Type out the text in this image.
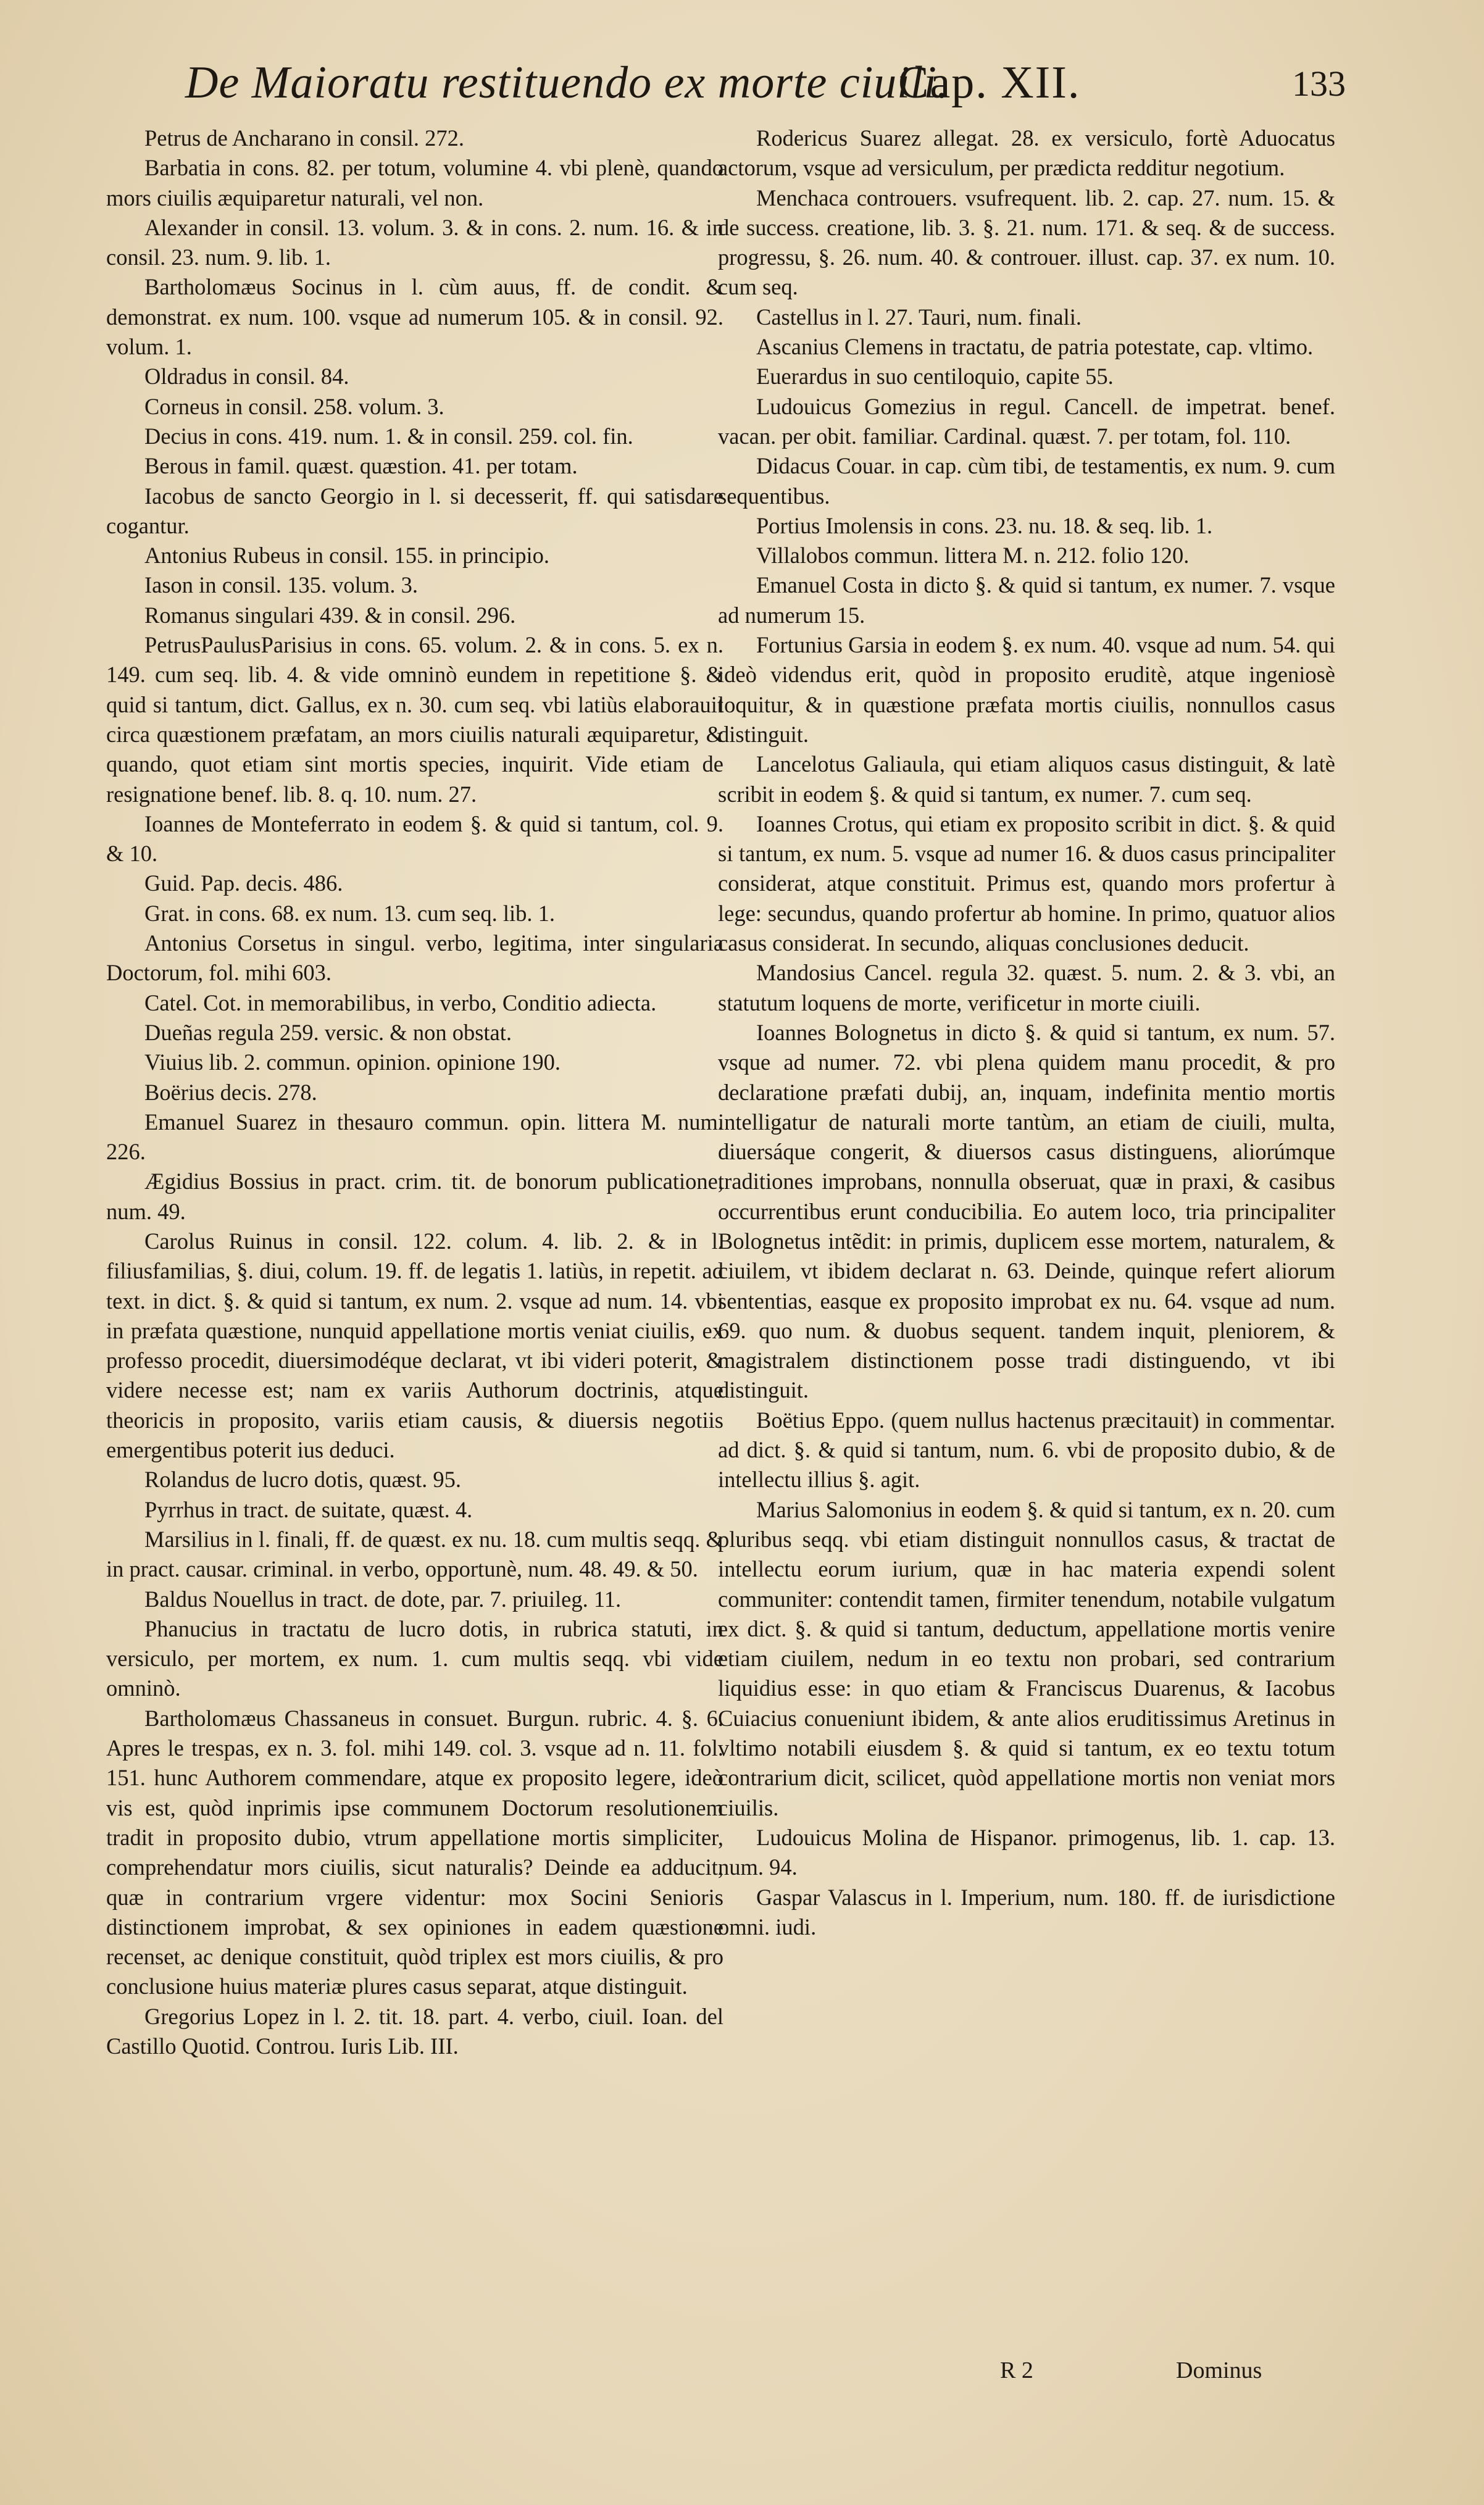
De Maioratu restituendo ex morte ciuili.
Cap. XII.	133

Petrus de Ancharano in consil. 272.

Barbatia in cons. 82. per totum, volumine 4. vbi plenè, quando mors ciuilis æquiparetur naturali, vel non.

Alexander in consil. 13. volum. 3. & in cons. 2. num. 16. & in consil. 23. num. 9. lib. 1.

Bartholomæus Socinus in l. cùm auus, ff. de condit. & demonstrat. ex num. 100. vsque ad numerum 105. & in consil. 92. volum. 1.

Oldradus in consil. 84.

Corneus in consil. 258. volum. 3.

Decius in cons. 419. num. 1. & in consil. 259. col. fin.

Berous in famil. quæst. quæstion. 41. per totam.

Iacobus de sancto Georgio in l. si decesserit, ff. qui satisdare cogantur.

Antonius Rubeus in consil. 155. in principio.

Iason in consil. 135. volum. 3.

Romanus singulari 439. & in consil. 296.

PetrusPaulusParisius in cons. 65. volum. 2. & in cons. 5. ex n. 149. cum seq. lib. 4. & vide omninò eundem in repetitione §. & quid si tantum, dict. Gallus, ex n. 30. cum seq. vbi latiùs elaborauit circa quæstionem præfatam, an mors ciuilis naturali æquiparetur, & quando, quot etiam sint mortis species, inquirit. Vide etiam de resignatione benef. lib. 8. q. 10. num. 27.

Ioannes de Monteferrato in eodem §. & quid si tantum, col. 9. & 10.

Guid. Pap. decis. 486.

Grat. in cons. 68. ex num. 13. cum seq. lib. 1.

Antonius Corsetus in singul. verbo, legitima, inter singularia Doctorum, fol. mihi 603.

Catel. Cot. in memorabilibus, in verbo, Conditio adiecta.

Dueñas regula 259. versic. & non obstat.

Viuius lib. 2. commun. opinion. opinione 190.

Boërius decis. 278.

Emanuel Suarez in thesauro commun. opin. littera M. num. 226.

Ægidius Bossius in pract. crim. tit. de bonorum publicatione, num. 49.

Carolus Ruinus in consil. 122. colum. 4. lib. 2. & in l. filiusfamilias, §. diui, colum. 19. ff. de legatis 1. latiùs, in repetit. ad text. in dict. §. & quid si tantum, ex num. 2. vsque ad num. 14. vbi in præfata quæstione, nunquid appellatione mortis veniat ciuilis, ex professo procedit, diuersimodéque declarat, vt ibi videri poterit, & videre necesse est; nam ex variis Authorum doctrinis, atque theoricis in proposito, variis etiam causis, & diuersis negotiis emergentibus poterit ius deduci.

Rolandus de lucro dotis, quæst. 95.

Pyrrhus in tract. de suitate, quæst. 4.

Marsilius in l. finali, ff. de quæst. ex nu. 18. cum multis seqq. & in pract. causar. criminal. in verbo, opportunè, num. 48. 49. & 50.

Baldus Nouellus in tract. de dote, par. 7. priuileg. 11.

Phanucius in tractatu de lucro dotis, in rubrica statuti, in versiculo, per mortem, ex num. 1. cum multis seqq. vbi vide omninò.

Bartholomæus Chassaneus in consuet. Burgun. rubric. 4. §. 6. Apres le trespas, ex n. 3. fol. mihi 149. col. 3. vsque ad n. 11. fol. 151. hunc Authorem commendare, atque ex proposito legere, ideò vis est, quòd inprimis ipse communem Doctorum resolutionem tradit in proposito dubio, vtrum appellatione mortis simpliciter, comprehendatur mors ciuilis, sicut naturalis? Deinde ea adducit, quæ in contrarium vrgere videntur: mox Socini Senioris distinctionem improbat, & sex opiniones in eadem quæstione recenset, ac denique constituit, quòd triplex est mors ciuilis, & pro conclusione huius materiæ plures casus separat, atque distinguit.

Gregorius Lopez in l. 2. tit. 18. part. 4. verbo, ciuil. Ioan. del Castillo Quotid. Controu. Iuris Lib. III.

Rodericus Suarez allegat. 28. ex versiculo, fortè Aduocatus actorum, vsque ad versiculum, per prædicta redditur negotium.

Menchaca controuers. vsufrequent. lib. 2. cap. 27. num. 15. & de success. creatione, lib. 3. §. 21. num. 171. & seq. & de success. progressu, §. 26. num. 40. & controuer. illust. cap. 37. ex num. 10. cum seq.

Castellus in l. 27. Tauri, num. finali.

Ascanius Clemens in tractatu, de patria potestate, cap. vltimo.

Euerardus in suo centiloquio, capite 55.

Ludouicus Gomezius in regul. Cancell. de impetrat. benef. vacan. per obit. familiar. Cardinal. quæst. 7. per totam, fol. 110.

Didacus Couar. in cap. cùm tibi, de testamentis, ex num. 9. cum sequentibus.

Portius Imolensis in cons. 23. nu. 18. & seq. lib. 1.

Villalobos commun. littera M. n. 212. folio 120.

Emanuel Costa in dicto §. & quid si tantum, ex numer. 7. vsque ad numerum 15.

Fortunius Garsia in eodem §. ex num. 40. vsque ad num. 54. qui ideò videndus erit, quòd in proposito eruditè, atque ingeniosè loquitur, & in quæstione præfata mortis ciuilis, nonnullos casus distinguit.

Lancelotus Galiaula, qui etiam aliquos casus distinguit, & latè scribit in eodem §. & quid si tantum, ex numer. 7. cum seq.

Ioannes Crotus, qui etiam ex proposito scribit in dict. §. & quid si tantum, ex num. 5. vsque ad numer 16. & duos casus principaliter considerat, atque constituit. Primus est, quando mors profertur à lege: secundus, quando profertur ab homine. In primo, quatuor alios casus considerat. In secundo, aliquas conclusiones deducit.

Mandosius Cancel. regula 32. quæst. 5. num. 2. & 3. vbi, an statutum loquens de morte, verificetur in morte ciuili.

Ioannes Bolognetus in dicto §. & quid si tantum, ex num. 57. vsque ad numer. 72. vbi plena quidem manu procedit, & pro declaratione præfati dubij, an, inquam, indefinita mentio mortis intelligatur de naturali morte tantùm, an etiam de ciuili, multa, diuersáque congerit, & diuersos casus distinguens, aliorúmque traditiones improbans, nonnulla obseruat, quæ in praxi, & casibus occurrentibus erunt conducibilia. Eo autem loco, tria principaliter Bolognetus intẽdit: in primis, duplicem esse mortem, naturalem, & ciuilem, vt ibidem declarat n. 63. Deinde, quinque refert aliorum sententias, easque ex proposito improbat ex nu. 64. vsque ad num. 69. quo num. & duobus sequent. tandem inquit, pleniorem, & magistralem distinctionem posse tradi distinguendo, vt ibi distinguit.

Boëtius Eppo. (quem nullus hactenus præcitauit) in commentar. ad dict. §. & quid si tantum, num. 6. vbi de proposito dubio, & de intellectu illius §. agit.

Marius Salomonius in eodem §. & quid si tantum, ex n. 20. cum pluribus seqq. vbi etiam distinguit nonnullos casus, & tractat de intellectu eorum iurium, quæ in hac materia expendi solent communiter: contendit tamen, firmiter tenendum, notabile vulgatum ex dict. §. & quid si tantum, deductum, appellatione mortis venire etiam ciuilem, nedum in eo textu non probari, sed contrarium liquidius esse: in quo etiam & Franciscus Duarenus, & Iacobus Cuiacius conueniunt ibidem, & ante alios eruditissimus Aretinus in vltimo notabili eiusdem §. & quid si tantum, ex eo textu totum contrarium dicit, scilicet, quòd appellatione mortis non veniat mors ciuilis.

Ludouicus Molina de Hispanor. primogenus, lib. 1. cap. 13. num. 94.

Gaspar Valascus in l. Imperium, num. 180. ff. de iurisdictione omni. iudi.

R 2	Dominus
